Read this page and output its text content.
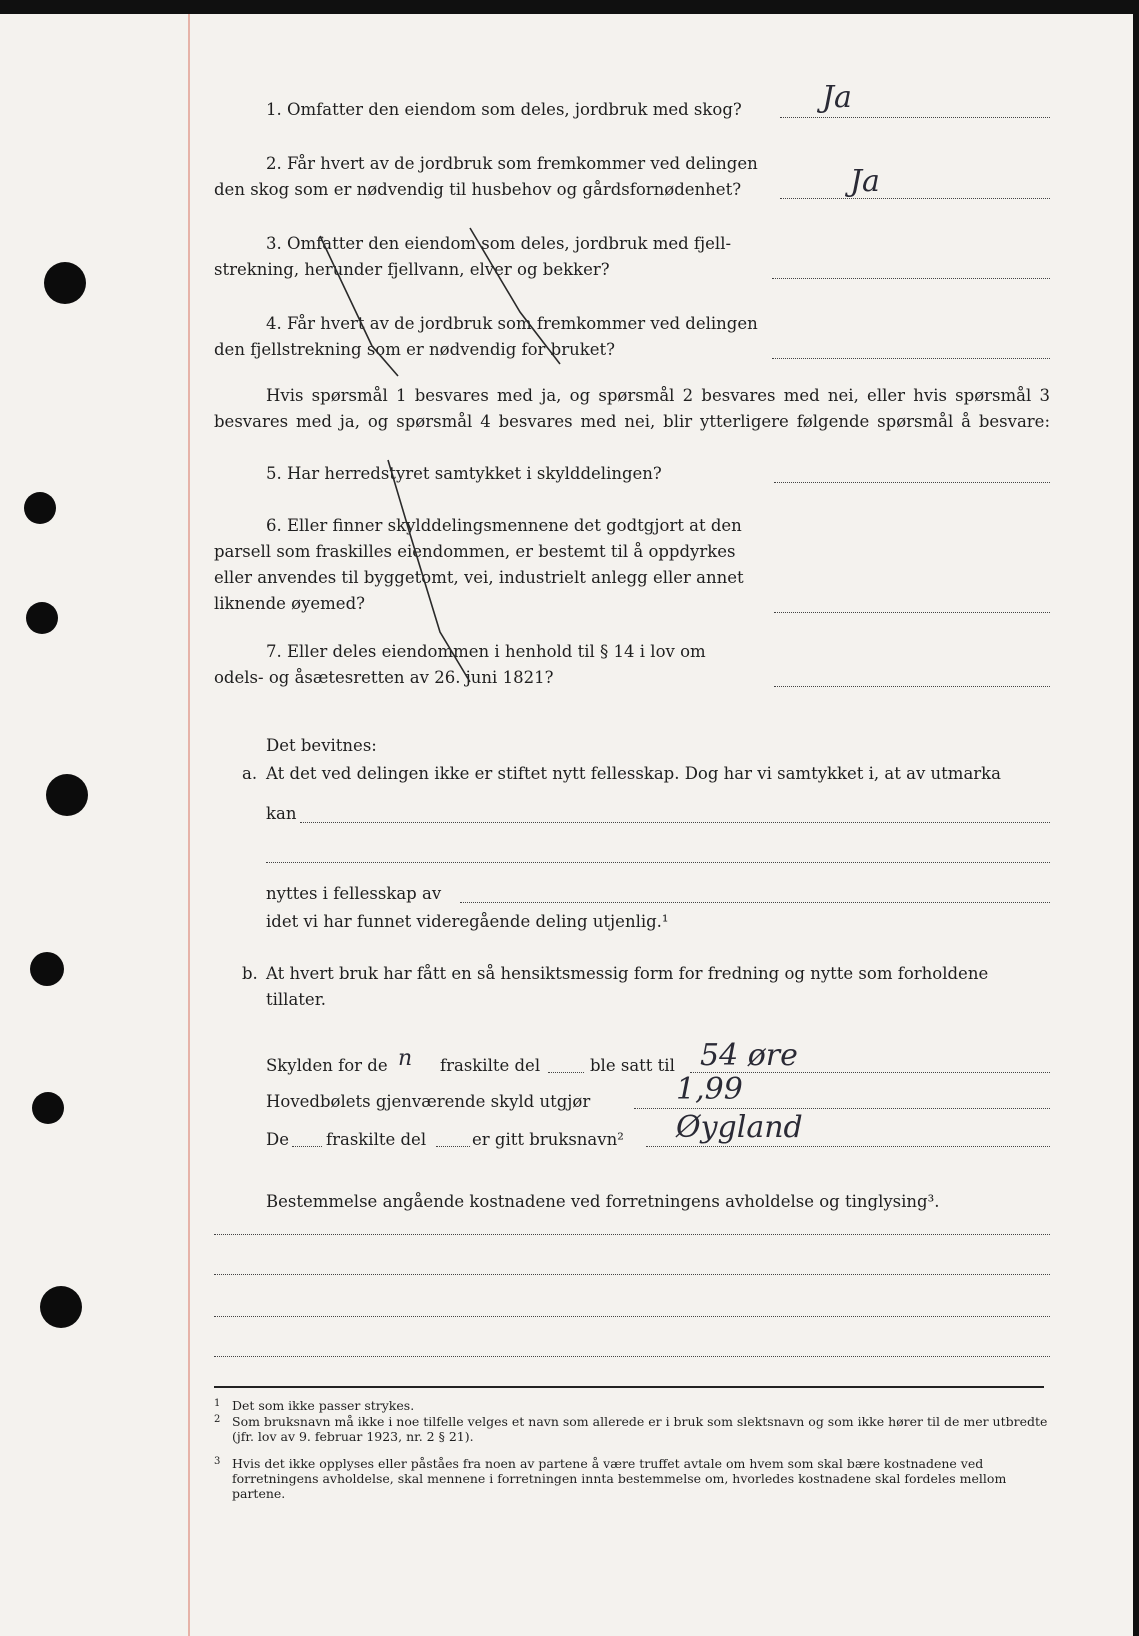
1. Omfatter den eiendom som deles, jordbruk med skog?	Ja
2. Får hvert av de jordbruk som fremkommer ved delingen
den skog som er nødvendig til husbehov og gårdsfornødenhet?	Ja
3. Omfatter den eiendom som deles, jordbruk med fjell-
strekning, herunder fjellvann, elver og bekker?
4. Får hvert av de jordbruk som fremkommer ved delingen
den fjellstrekning som er nødvendig for bruket?
Hvis spørsmål 1 besvares med ja, og spørsmål 2 besvares med nei, eller hvis spørsmål 3
besvares med ja, og spørsmål 4 besvares med nei, blir ytterligere følgende spørsmål å besvare:
5. Har herredstyret samtykket i skylddelingen?
6. Eller finner skylddelingsmennene det godtgjort at den
parsell som fraskilles eiendommen, er bestemt til å oppdyrkes
eller anvendes til byggetomt, vei, industrielt anlegg eller annet
liknende øyemed?
7. Eller deles eiendommen i henhold til § 14 i lov om
odels- og åsætesretten av 26. juni 1821?
Det bevitnes:
a. At det ved delingen ikke er stiftet nytt fellesskap. Dog har vi samtykket i, at av utmarka
kan
nyttes i fellesskap av
idet vi har funnet videregående deling utjenlig.¹
b. At hvert bruk har fått en så hensiktsmessig form for fredning og nytte som forholdene
tillater.
Skylden for de n fraskilte del	ble satt til 54 øre
Hovedbølets gjenværende skyld utgjør	1,99
De fraskilte del	er gitt bruksnavn² Øygland
Bestemmelse angående kostnadene ved forretningens avholdelse og tinglysing³.
1 Det som ikke passer strykes.
2 Som bruksnavn må ikke i noe tilfelle velges et navn som allerede er i bruk som slektsnavn og som ikke hører til de mer utbredte (jfr. lov av 9. februar 1923, nr. 2 § 21).
3 Hvis det ikke opplyses eller påståes fra noen av partene å være truffet avtale om hvem som skal bære kostnadene ved forretningens avholdelse, skal mennene i forretningen innta bestemmelse om, hvorledes kostnadene skal fordeles mellom partene.
